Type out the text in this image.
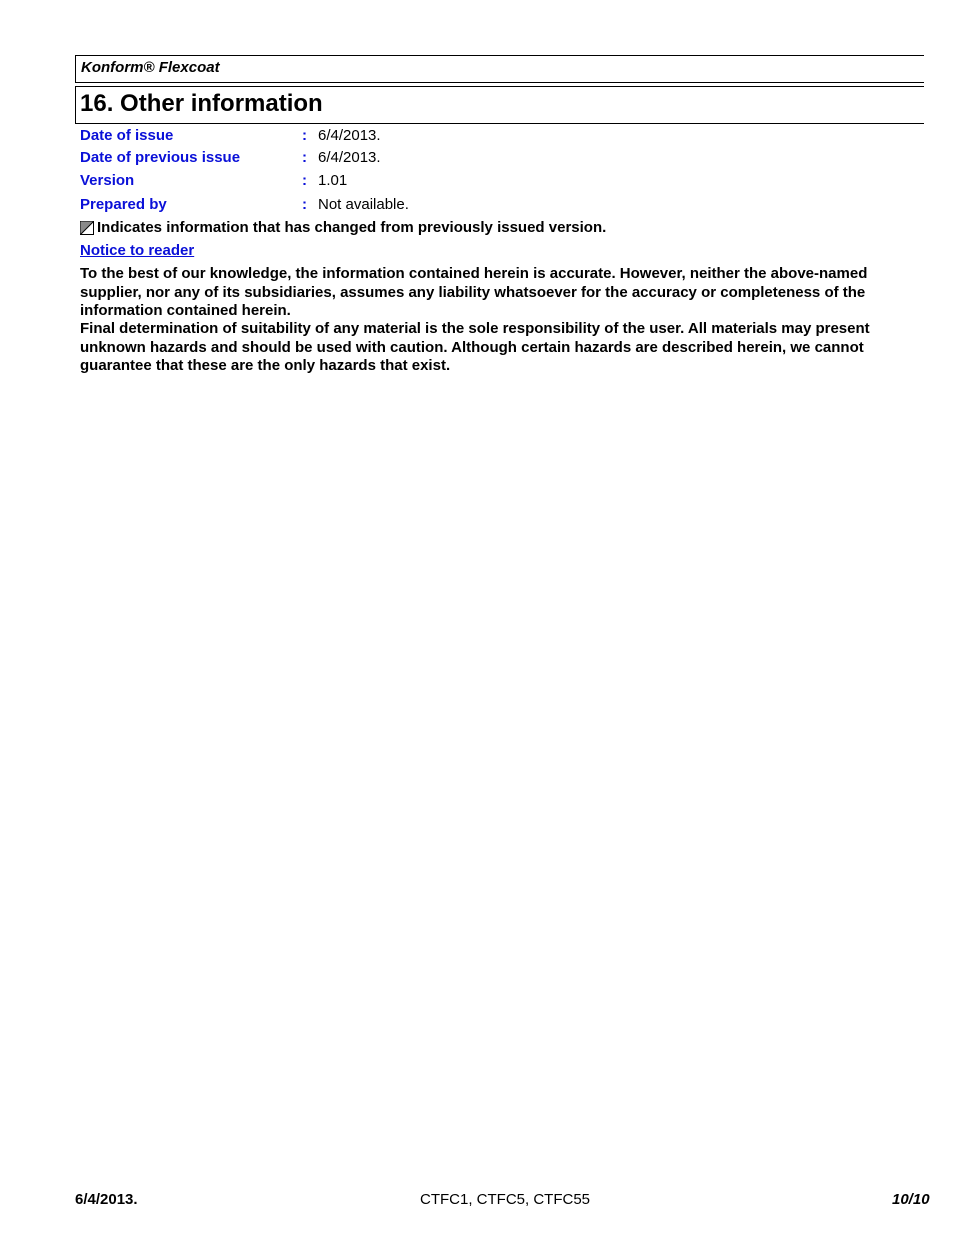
Konform® Flexcoat
16. Other information
Date of issue	: 6/4/2013.
Date of previous issue	: 6/4/2013.
Version	: 1.01
Prepared by	: Not available.
Indicates information that has changed from previously issued version.
Notice to reader
To the best of our knowledge, the information contained herein is accurate. However, neither the above-named supplier, nor any of its subsidiaries, assumes any liability whatsoever for the accuracy or completeness of the information contained herein.
Final determination of suitability of any material is the sole responsibility of the user. All materials may present unknown hazards and should be used with caution. Although certain hazards are described herein, we cannot guarantee that these are the only hazards that exist.
6/4/2013.	CTFC1, CTFC5, CTFC55	10/10
